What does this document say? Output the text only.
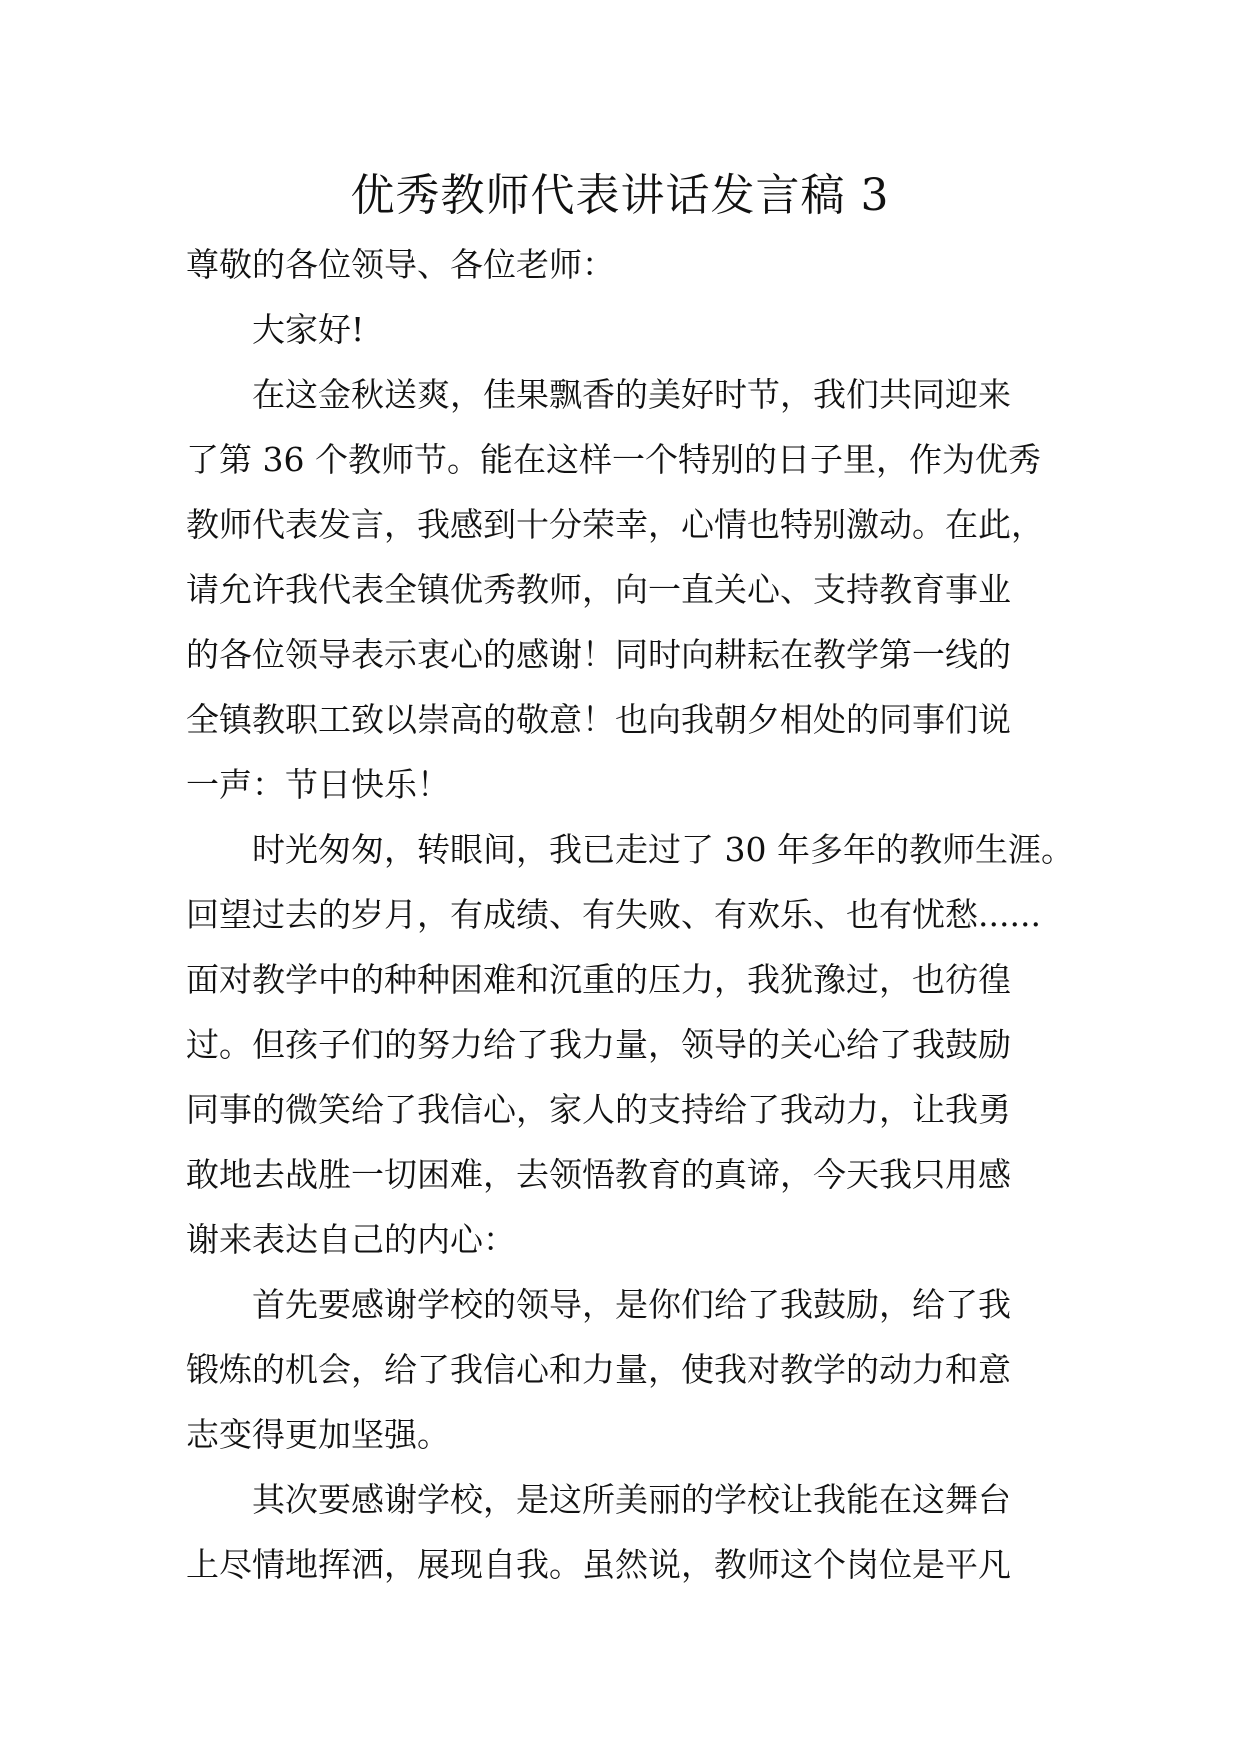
优秀教师代表讲话发言稿 3
尊敬的各位领导、各位老师：
大家好!
在这金秋送爽，佳果飘香的美好时节，我们共同迎来
了第 36 个教师节。能在这样一个特别的日子里，作为优秀
教师代表发言，我感到十分荣幸，心情也特别激动。在此，
请允许我代表全镇优秀教师，向一直关心、支持教育事业
的各位领导表示衷心的感谢！同时向耕耘在教学第一线的
全镇教职工致以崇高的敬意！也向我朝夕相处的同事们说
一声：节日快乐！
时光匆匆，转眼间，我已走过了 30 年多年的教师生涯。
回望过去的岁月，有成绩、有失败、有欢乐、也有忧愁......
面对教学中的种种困难和沉重的压力，我犹豫过，也彷徨
过。但孩子们的努力给了我力量，领导的关心给了我鼓励
同事的微笑给了我信心，家人的支持给了我动力，让我勇
敢地去战胜一切困难，去领悟教育的真谛，今天我只用感
谢来表达自己的内心：
首先要感谢学校的领导，是你们给了我鼓励，给了我
锻炼的机会，给了我信心和力量，使我对教学的动力和意
志变得更加坚强。
其次要感谢学校，是这所美丽的学校让我能在这舞台
上尽情地挥洒，展现自我。虽然说，教师这个岗位是平凡
